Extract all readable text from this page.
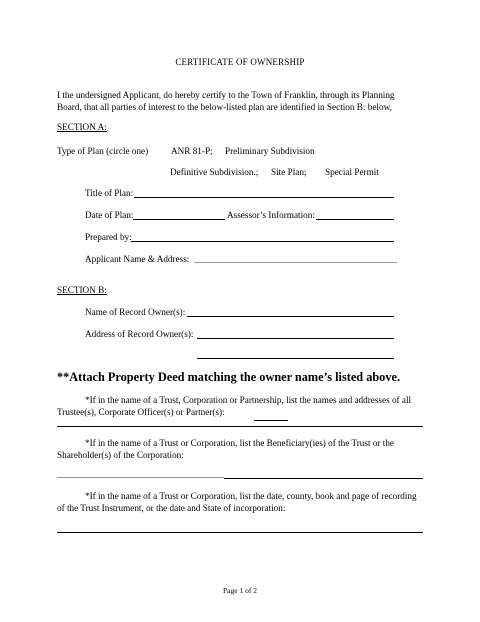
CERTIFICATE OF OWNERSHIP
I the undersigned Applicant, do hereby certify to the Town of Franklin, through its Planning Board, that all parties of interest to the below-listed plan are identified in Section B: below,
SECTION A:
Type of Plan (circle one) ANR 81-P; Preliminary Subdivision
Definitive Subdivision.; Site Plan; Special Permit
Title of Plan:
Date of Plan:	Assessor’s Information:
Prepared by:
Applicant Name & Address:
SECTION B:
Name of Record Owner(s):
Address of Record Owner(s):
**Attach Property Deed matching the owner name’s listed above.
*If in the name of a Trust, Corporation or Partnership, list the names and addresses of all Trustee(s), Corporate Officer(s) or Partner(s):
*If in the name of a Trust or Corporation, list the Beneficiary(ies) of the Trust or the Shareholder(s) of the Corporation:
*If in the name of a Trust or Corporation, list the date, county, book and page of recording of the Trust Instrument, or the date and State of incorporation:
Page 1 of 2
